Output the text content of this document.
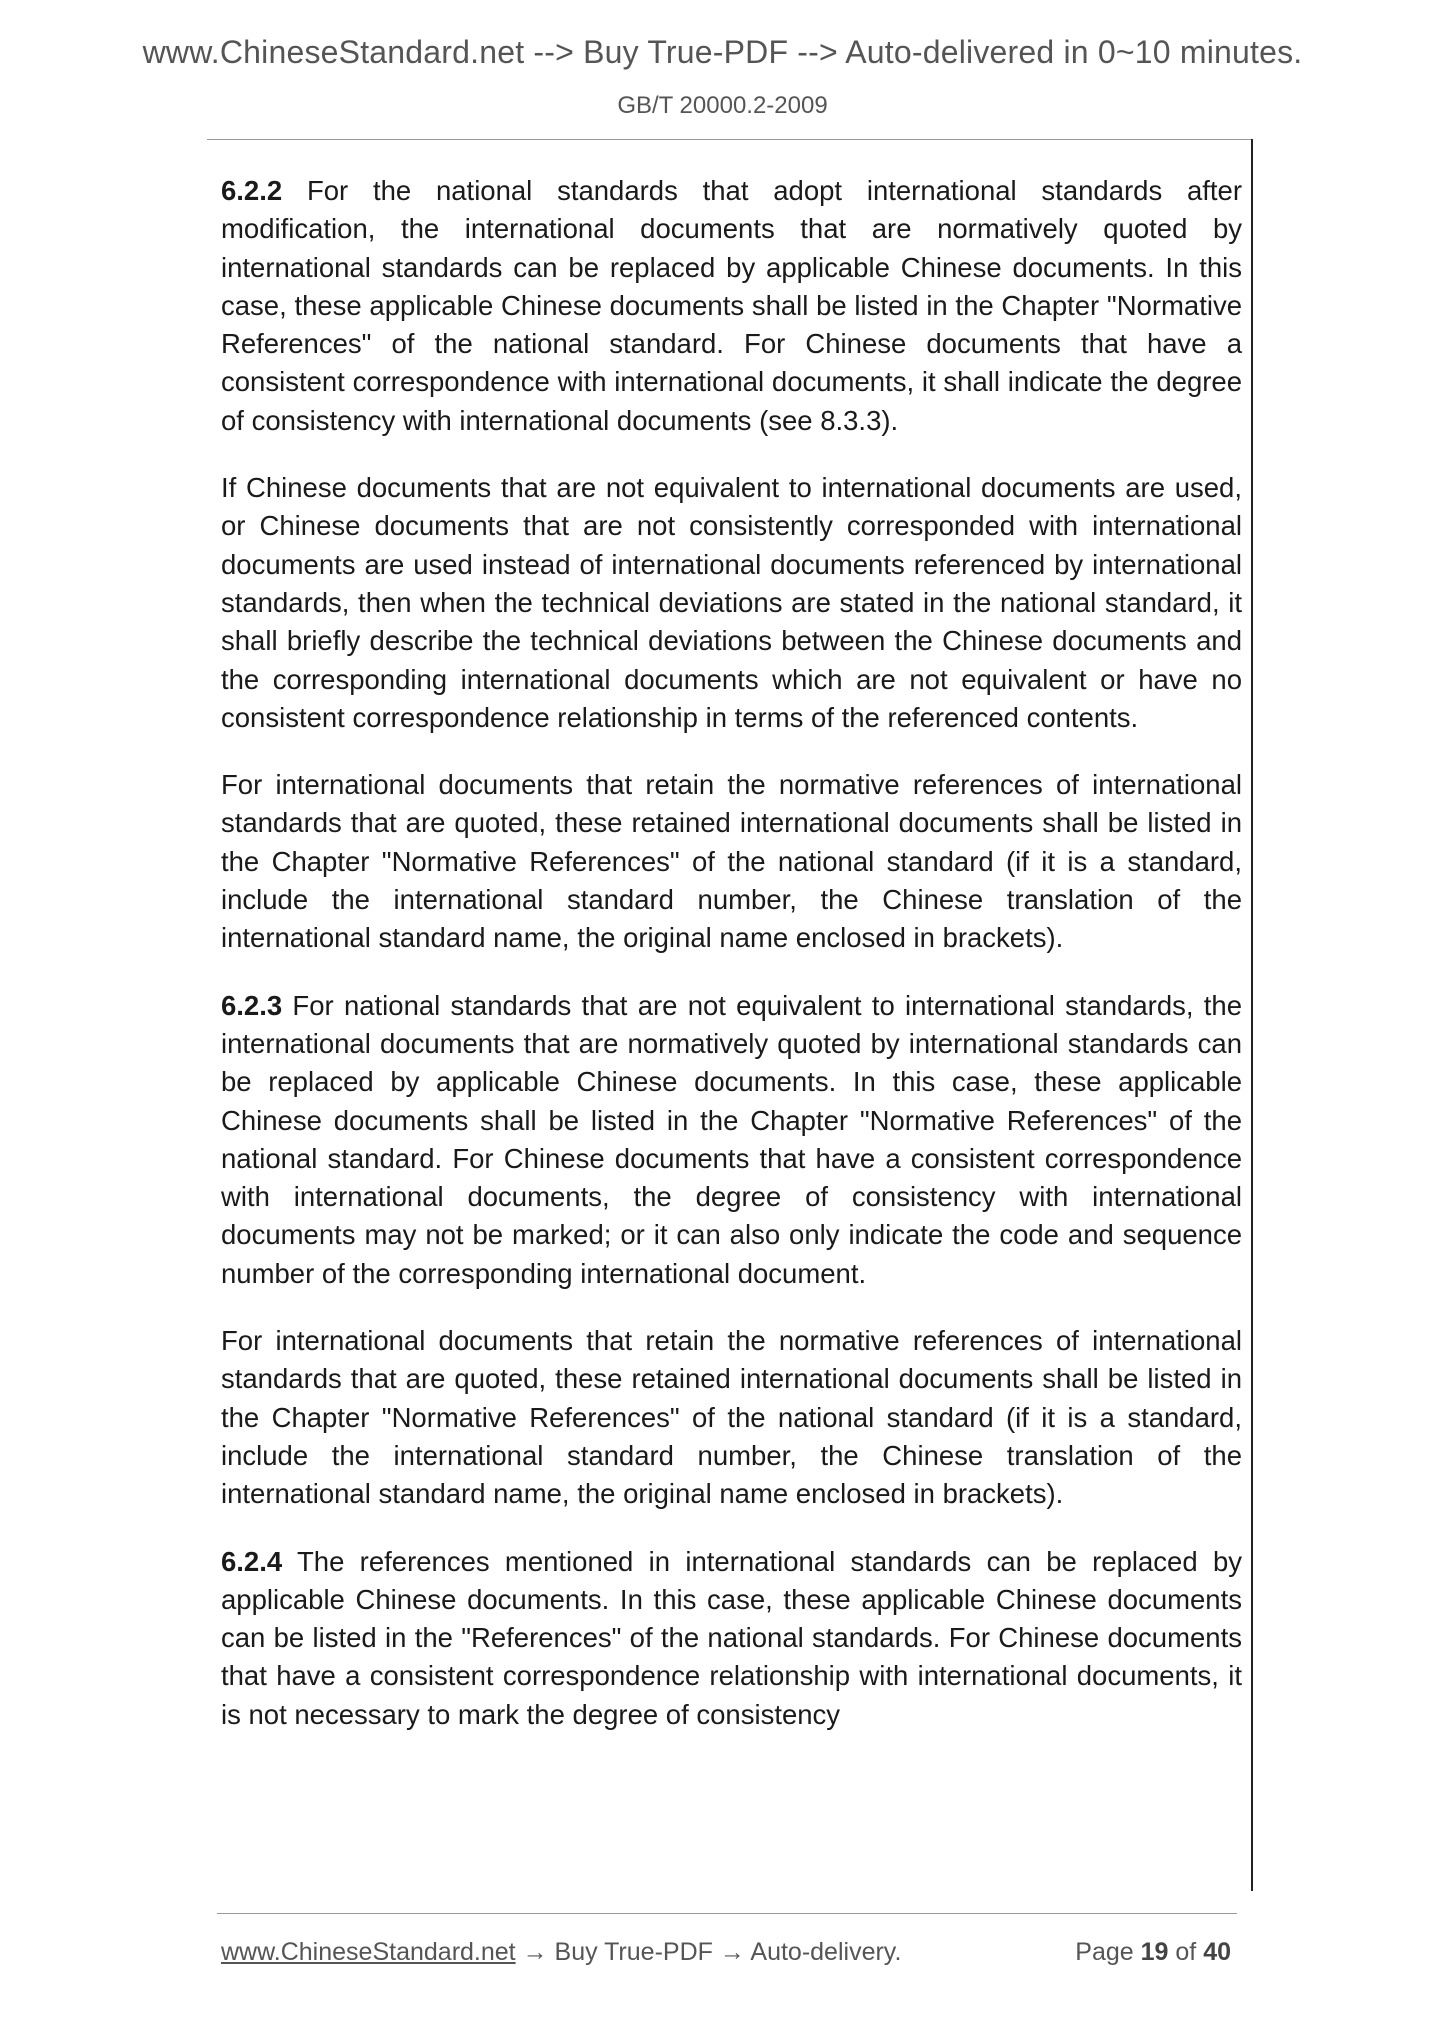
www.ChineseStandard.net --> Buy True-PDF --> Auto-delivered in 0~10 minutes.
GB/T 20000.2-2009

6.2.2 For the national standards that adopt international standards after modification, the international documents that are normatively quoted by international standards can be replaced by applicable Chinese documents. In this case, these applicable Chinese documents shall be listed in the Chapter "Normative References" of the national standard. For Chinese documents that have a consistent correspondence with international documents, it shall indicate the degree of consistency with international documents (see 8.3.3).

If Chinese documents that are not equivalent to international documents are used, or Chinese documents that are not consistently corresponded with international documents are used instead of international documents referenced by international standards, then when the technical deviations are stated in the national standard, it shall briefly describe the technical deviations between the Chinese documents and the corresponding international documents which are not equivalent or have no consistent correspondence relationship in terms of the referenced contents.

For international documents that retain the normative references of international standards that are quoted, these retained international documents shall be listed in the Chapter "Normative References" of the national standard (if it is a standard, include the international standard number, the Chinese translation of the international standard name, the original name enclosed in brackets).

6.2.3 For national standards that are not equivalent to international standards, the international documents that are normatively quoted by international standards can be replaced by applicable Chinese documents. In this case, these applicable Chinese documents shall be listed in the Chapter "Normative References" of the national standard. For Chinese documents that have a consistent correspondence with international documents, the degree of consistency with international documents may not be marked; or it can also only indicate the code and sequence number of the corresponding international document.

For international documents that retain the normative references of international standards that are quoted, these retained international documents shall be listed in the Chapter "Normative References" of the national standard (if it is a standard, include the international standard number, the Chinese translation of the international standard name, the original name enclosed in brackets).

6.2.4 The references mentioned in international standards can be replaced by applicable Chinese documents. In this case, these applicable Chinese documents can be listed in the "References" of the national standards. For Chinese documents that have a consistent correspondence relationship with international documents, it is not necessary to mark the degree of consistency

www.ChineseStandard.net → Buy True-PDF → Auto-delivery.	Page 19 of 40
